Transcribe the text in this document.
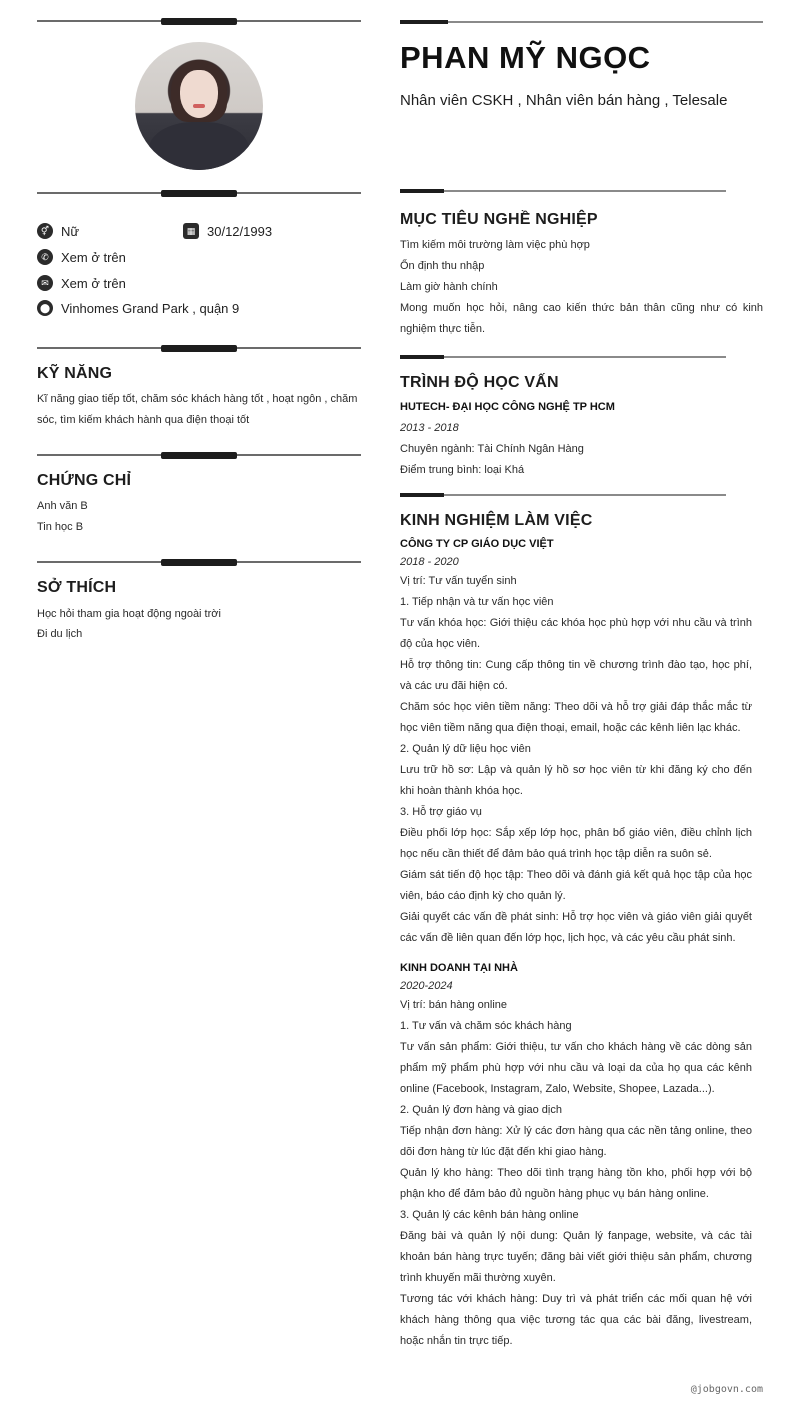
⚥ Nữ	▦ 30/12/1993
✆ Xem ở trên
✉ Xem ở trên
⬤ Vinhomes Grand Park , quận 9
KỸ NĂNG
Kĩ năng giao tiếp tốt, chăm sóc khách hàng tốt , hoạt ngôn , chăm sóc, tìm kiếm khách hành qua điện thoại tốt
CHỨNG CHỈ
Anh văn B
Tin học B
SỞ THÍCH
Học hỏi tham gia hoạt động ngoài trời
Đi du lịch
PHAN MỸ NGỌC
Nhân viên CSKH , Nhân viên bán hàng , Telesale
MỤC TIÊU NGHỀ NGHIỆP

Tìm kiếm môi trường làm việc phù hợp

Ổn định thu nhập

Làm giờ hành chính

Mong muốn học hỏi, nâng cao kiến thức bản thân cũng như có kinh nghiệm thực tiễn.

TRÌNH ĐỘ HỌC VẤN

HUTECH- ĐẠI HỌC CÔNG NGHỆ TP HCM

2013 - 2018

Chuyên ngành: Tài Chính Ngân Hàng

Điểm trung bình: loại Khá

KINH NGHIỆM LÀM VIỆC

CÔNG TY CP GIÁO DỤC VIỆT

2018 - 2020

Vị trí: Tư vấn tuyển sinh

1. Tiếp nhận và tư vấn học viên

Tư vấn khóa học: Giới thiệu các khóa học phù hợp với nhu cầu và trình độ của học viên.

Hỗ trợ thông tin: Cung cấp thông tin về chương trình đào tạo, học phí, và các ưu đãi hiện có.

Chăm sóc học viên tiềm năng: Theo dõi và hỗ trợ giải đáp thắc mắc từ học viên tiềm năng qua điện thoại, email, hoặc các kênh liên lạc khác.

2. Quản lý dữ liệu học viên

Lưu trữ hồ sơ: Lập và quản lý hồ sơ học viên từ khi đăng ký cho đến khi hoàn thành khóa học.

3. Hỗ trợ giáo vụ

Điều phối lớp học: Sắp xếp lớp học, phân bổ giáo viên, điều chỉnh lịch học nếu cần thiết để đảm bảo quá trình học tập diễn ra suôn sẻ.

Giám sát tiến độ học tập: Theo dõi và đánh giá kết quả học tập của học viên, báo cáo định kỳ cho quản lý.

Giải quyết các vấn đề phát sinh: Hỗ trợ học viên và giáo viên giải quyết các vấn đề liên quan đến lớp học, lịch học, và các yêu cầu phát sinh.

KINH DOANH TẠI NHÀ

2020-2024

Vị trí: bán hàng online

1. Tư vấn và chăm sóc khách hàng

Tư vấn sản phẩm: Giới thiệu, tư vấn cho khách hàng về các dòng sản phẩm mỹ phẩm phù hợp với nhu cầu và loại da của họ qua các kênh online (Facebook, Instagram, Zalo, Website, Shopee, Lazada...).

2. Quản lý đơn hàng và giao dịch

Tiếp nhận đơn hàng: Xử lý các đơn hàng qua các nền tảng online, theo dõi đơn hàng từ lúc đặt đến khi giao hàng.

Quản lý kho hàng: Theo dõi tình trạng hàng tồn kho, phối hợp với bộ phận kho để đảm bảo đủ nguồn hàng phục vụ bán hàng online.

3. Quản lý các kênh bán hàng online

Đăng bài và quản lý nội dung: Quản lý fanpage, website, và các tài khoản bán hàng trực tuyến; đăng bài viết giới thiệu sản phẩm, chương trình khuyến mãi thường xuyên.

Tương tác với khách hàng: Duy trì và phát triển các mối quan hệ với khách hàng thông qua việc tương tác qua các bài đăng, livestream, hoặc nhắn tin trực tiếp.

@jobgovn.com
